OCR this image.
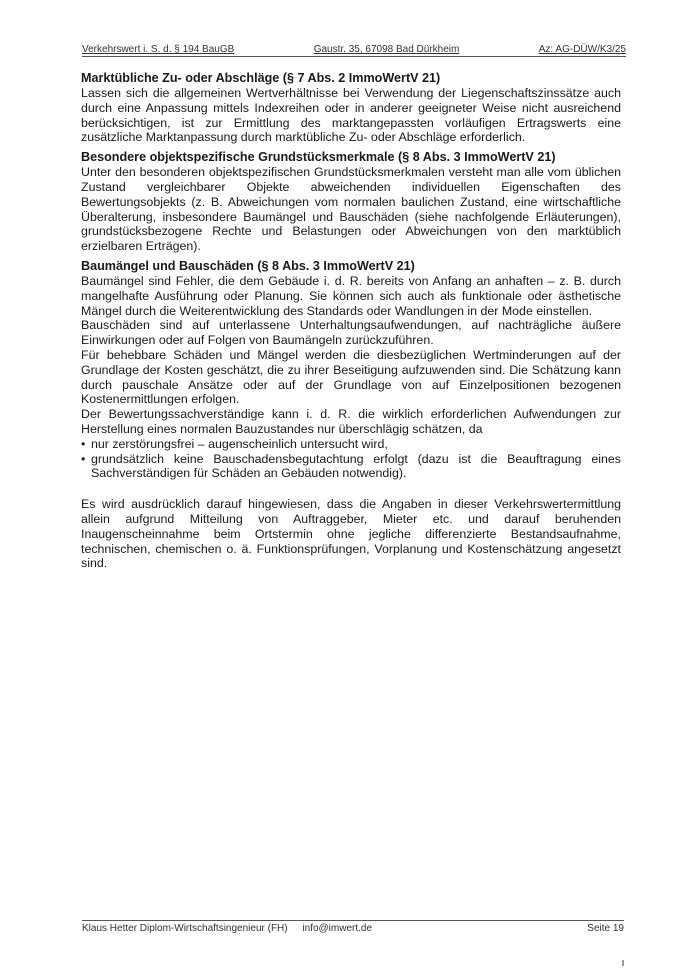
Verkehrswert i. S. d. § 194 BauGB	Gaustr. 35, 67098 Bad Dürkheim	Az: AG-DÜW/K3/25
Marktübliche Zu- oder Abschläge (§ 7 Abs. 2 ImmoWertV 21)

Lassen sich die allgemeinen Wertverhältnisse bei Verwendung der Liegenschaftszinssätze auch durch eine Anpassung mittels Indexreihen oder in anderer geeigneter Weise nicht ausreichend berücksichtigen, ist zur Ermittlung des marktangepassten vorläufigen Ertragswerts eine zusätzliche Marktanpassung durch marktübliche Zu- oder Abschläge erforderlich.

Besondere objektspezifische Grundstücksmerkmale (§ 8 Abs. 3 ImmoWertV 21)

Unter den besonderen objektspezifischen Grundstücksmerkmalen versteht man alle vom üblichen Zustand vergleichbarer Objekte abweichenden individuellen Eigenschaften des Bewertungsobjekts (z. B. Abweichungen vom normalen baulichen Zustand, eine wirtschaftliche Überalterung, insbesondere Baumängel und Bauschäden (siehe nachfolgende Erläuterungen), grundstücksbezogene Rechte und Belastungen oder Abweichungen von den marktüblich erzielbaren Erträgen).

Baumängel und Bauschäden (§ 8 Abs. 3 ImmoWertV 21)

Baumängel sind Fehler, die dem Gebäude i. d. R. bereits von Anfang an anhaften – z. B. durch mangelhafte Ausführung oder Planung. Sie können sich auch als funktionale oder ästhetische Mängel durch die Weiterentwicklung des Standards oder Wandlungen in der Mode einstellen.

Bauschäden sind auf unterlassene Unterhaltungsaufwendungen, auf nachträgliche äußere Einwirkungen oder auf Folgen von Baumängeln zurückzuführen.

Für behebbare Schäden und Mängel werden die diesbezüglichen Wertminderungen auf der Grundlage der Kosten geschätzt, die zu ihrer Beseitigung aufzuwenden sind. Die Schätzung kann durch pauschale Ansätze oder auf der Grundlage von auf Einzelpositionen bezogenen Kostenermittlungen erfolgen.

Der Bewertungssachverständige kann i. d. R. die wirklich erforderlichen Aufwendungen zur Herstellung eines normalen Bauzustandes nur überschlägig schätzen, da

• nur zerstörungsfrei – augenscheinlich untersucht wird,
• grundsätzlich keine Bauschadensbegutachtung erfolgt (dazu ist die Beauftragung eines Sachverständigen für Schäden an Gebäuden notwendig).

Es wird ausdrücklich darauf hingewiesen, dass die Angaben in dieser Verkehrswertermittlung allein aufgrund Mitteilung von Auftraggeber, Mieter etc. und darauf beruhenden Inaugenscheinnahme beim Ortstermin ohne jegliche differenzierte Bestandsaufnahme, technischen, chemischen o. ä. Funktionsprüfungen, Vorplanung und Kostenschätzung angesetzt sind.

Klaus Hetter Diplom-Wirtschaftsingenieur (FH) info@imwert.de	Seite 19
